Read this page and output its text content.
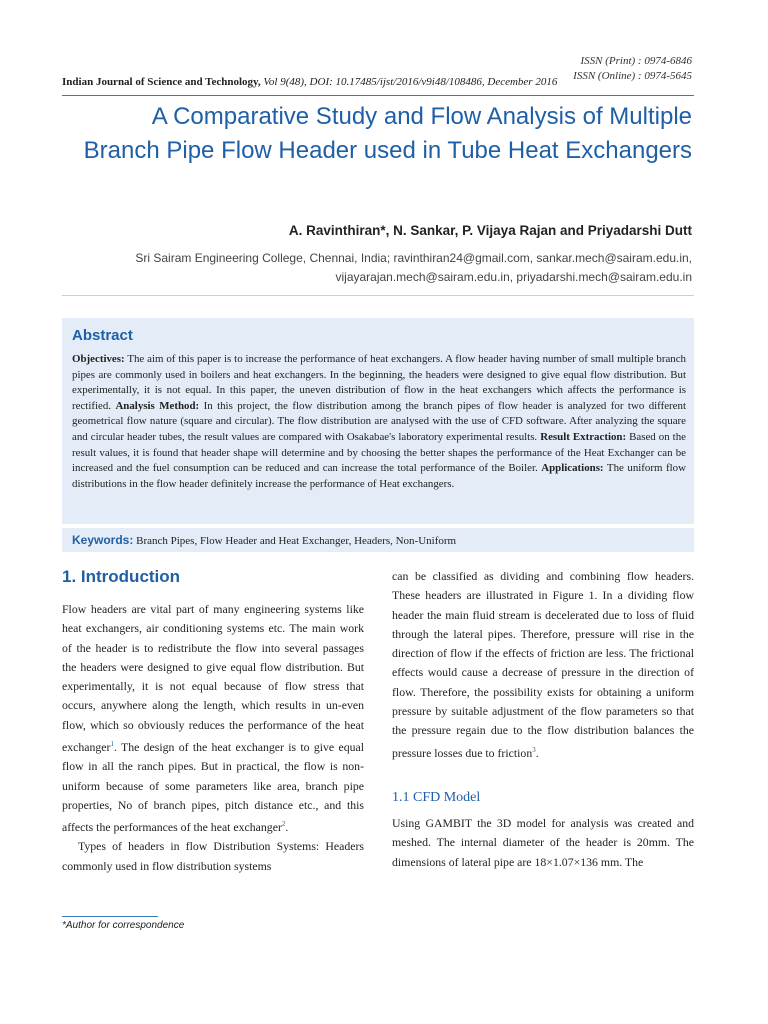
ISSN (Print) : 0974-6846
ISSN (Online) : 0974-5645
Indian Journal of Science and Technology, Vol 9(48), DOI: 10.17485/ijst/2016/v9i48/108486, December 2016
A Comparative Study and Flow Analysis of Multiple Branch Pipe Flow Header used in Tube Heat Exchangers
A. Ravinthiran*, N. Sankar, P. Vijaya Rajan and Priyadarshi Dutt
Sri Sairam Engineering College, Chennai, India; ravinthiran24@gmail.com, sankar.mech@sairam.edu.in,
vijayarajan.mech@sairam.edu.in, priyadarshi.mech@sairam.edu.in
Abstract
Objectives: The aim of this paper is to increase the performance of heat exchangers. A flow header having number of small multiple branch pipes are commonly used in boilers and heat exchangers. In the beginning, the headers were designed to give equal flow distribution. But experimentally, it is not equal. In this paper, the uneven distribution of flow in the heat exchangers which affects the performance is rectified. Analysis Method: In this project, the flow distribution among the branch pipes of flow header is analyzed for two different geometrical flow nature (square and circular). The flow distribution are analysed with the use of CFD software. After analyzing the square and circular header tubes, the result values are compared with Osakabae's laboratory experimental results. Result Extraction: Based on the result values, it is found that header shape will determine and by choosing the better shapes the performance of the Heat Exchanger can be increased and the fuel consumption can be reduced and can increase the total performance of the Boiler. Applications: The uniform flow distributions in the flow header definitely increase the performance of Heat exchangers.
Keywords: Branch Pipes, Flow Header and Heat Exchanger, Headers, Non-Uniform
1. Introduction

Flow headers are vital part of many engineering systems like heat exchangers, air conditioning systems etc. The main work of the header is to redistribute the flow into several passages the headers were designed to give equal flow distribution. But experimentally, it is not equal because of flow stress that occurs, anywhere along the length, which results in un-even flow, which so obviously reduces the performance of the heat exchanger$^1$. The design of the heat exchanger is to give equal flow in all the ranch pipes. But in practical, the flow is non-uniform because of some parameters like area, branch pipe properties, No of branch pipes, pitch distance etc., and this affects the performances of the heat exchanger$^2$.

Types of headers in flow Distribution Systems: Headers commonly used in flow distribution systems

can be classified as dividing and combining flow headers. These headers are illustrated in Figure 1. In a dividing flow header the main fluid stream is decelerated due to loss of fluid through the lateral pipes. Therefore, pressure will rise in the direction of flow if the effects of friction are less. The frictional effects would cause a decrease of pressure in the direction of flow. Therefore, the possibility exists for obtaining a uniform pressure by suitable adjustment of the flow parameters so that the pressure regain due to the flow distribution balances the pressure losses due to friction$^3$.

1.1 CFD Model
Using GAMBIT the 3D model for analysis was created and meshed. The internal diameter of the header is 20mm. The dimensions of lateral pipe are 18×1.07×136 mm. The
*Author for correspondence
